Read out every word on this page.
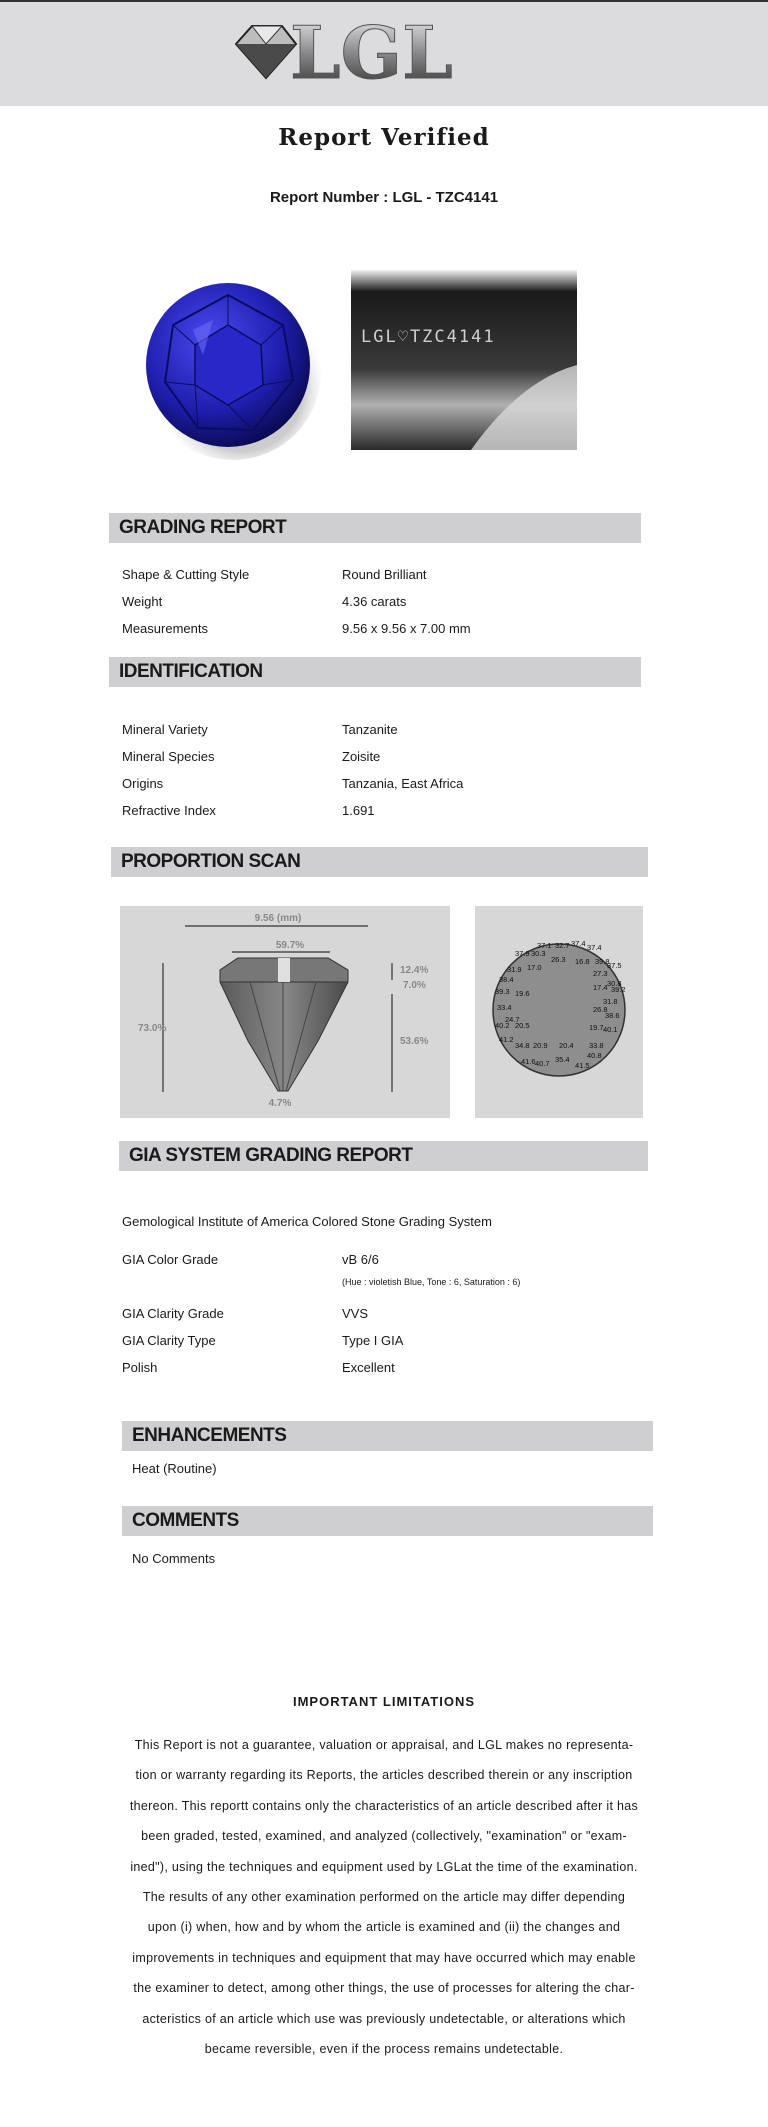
LGL
Report Verified
Report Number : LGL - TZC4141
LGL♡TZC4141
GRADING REPORT
Shape & Cutting Style	Round Brilliant
Weight	4.36 carats
Measurements	9.56 x 9.56 x 7.00 mm
IDENTIFICATION
Mineral Variety	Tanzanite
Mineral Species	Zoisite
Origins	Tanzania, East Africa
Refractive Index	1.691
PROPORTION SCAN
9.56 (mm)
59.7%
73.0%
12.4%
7.0%
53.6%
4.7%
37.1 32.7 37.4 37.4
37.9 30.3
26.3 16.8 39.8
37.5
31.9 17.0
27.3
30.8
38.4
17.4 39.2
39.3 19.6
31.8
33.4	26.8
38.6
24.7
40.2 20.5	19.7 40.1
41.2
34.8 20.9 20.4 33.8
41.6 40.7 35.4 40.8
41.5
GIA SYSTEM GRADING REPORT
Gemological Institute of America Colored Stone Grading System
GIA Color Grade	vB 6/6
(Hue : violetish Blue, Tone : 6, Saturation : 6)
GIA Clarity Grade	VVS
GIA Clarity Type	Type I GIA
Polish	Excellent
ENHANCEMENTS
Heat (Routine)
COMMENTS
No Comments
IMPORTANT LIMITATIONS
This Report is not a guarantee, valuation or appraisal, and LGL makes no representa-
tion or warranty regarding its Reports, the articles described therein or any inscription
thereon. This reportt contains only the characteristics of an article described after it has
been graded, tested, examined, and analyzed (collectively, "examination" or "exam-
ined"), using the techniques and equipment used by LGLat the time of the examination.
The results of any other examination performed on the article may differ depending
upon (i) when, how and by whom the article is examined and (ii) the changes and
improvements in techniques and equipment that may have occurred which may enable
the examiner to detect, among other things, the use of processes for altering the char-
acteristics of an article which use was previously undetectable, or alterations which
became reversible, even if the process remains undetectable.
